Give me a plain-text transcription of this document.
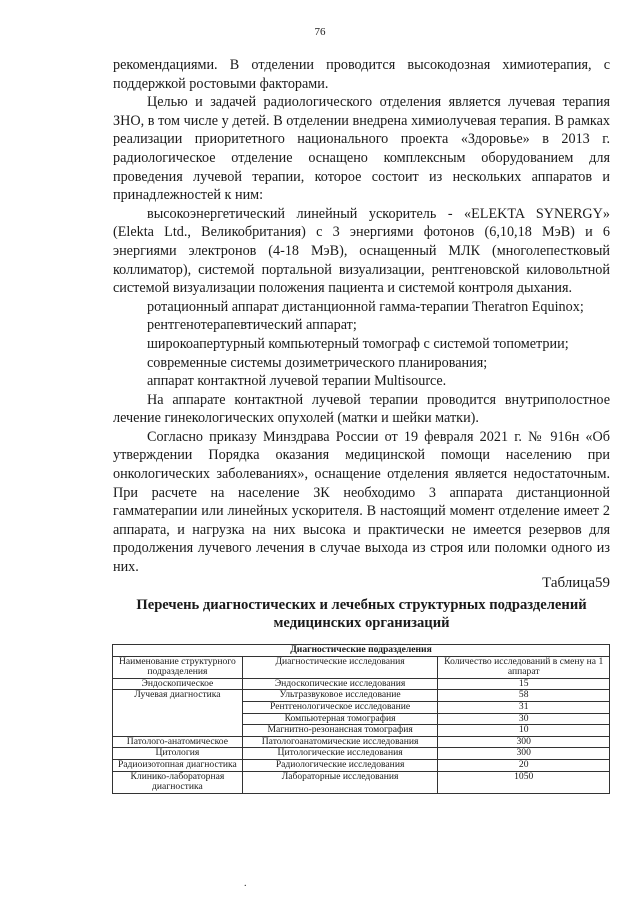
76

рекомендациями. В отделении проводится высокодозная химиотерапия, с поддержкой ростовыми факторами.

Целью и задачей радиологического отделения является лучевая терапия ЗНО, в том числе у детей. В отделении внедрена химиолучевая терапия. В рамках реализации приоритетного национального проекта «Здоровье» в 2013 г. радиологическое отделение оснащено комплексным оборудованием для проведения лучевой терапии, которое состоит из нескольких аппаратов и принадлежностей к ним:

высокоэнергетический линейный ускоритель - «ELEKTA SYNERGY» (Elekta Ltd., Великобритания) с 3 энергиями фотонов (6,10,18 МэВ) и 6 энергиями электронов (4-18 МэВ), оснащенный МЛК (многолепестковый коллиматор), системой портальной визуализации, рентгеновской киловольтной системой визуализации положения пациента и системой контроля дыхания.

ротационный аппарат дистанционной гамма-терапии Theratron Equinox;

рентгенотерапевтический аппарат;

широкоапертурный компьютерный томограф с системой топометрии;

современные системы дозиметрического планирования;

аппарат контактной лучевой терапии Multisource.

На аппарате контактной лучевой терапии проводится внутриполостное лечение гинекологических опухолей (матки и шейки матки).

Согласно приказу Минздрава России от 19 февраля 2021 г. № 916н «Об утверждении Порядка оказания медицинской помощи населению при онкологических заболеваниях», оснащение отделения является недостаточным. При расчете на население ЗК необходимо 3 аппарата дистанционной гамматерапии или линейных ускорителя. В настоящий момент отделение имеет 2 аппарата, и нагрузка на них высока и практически не имеется резервов для продолжения лучевого лечения в случае выхода из строя или поломки одного из них.

Таблица59
Перечень диагностических и лечебных структурных подразделений
медицинских организаций
Диагностические подразделения		
Наименование структурного подразделения	Диагностические исследования	Количество исследований в смену на 1 аппарат
Эндоскопическое	Эндоскопические исследования	15
Лучевая диагностика	Ультразвуковое исследование	58
	Рентгенологическое исследование	31
	Компьютерная томография	30
	Магнитно-резонансная томография	10
Патолого-анатомическое	Патологоанатомические исследования	300
Цитология	Цитологические исследования	300
Радиоизотопная диагностика	Радиологические исследования	20
Клинико-лабораторная диагностика	Лабораторные исследования	1050
.
